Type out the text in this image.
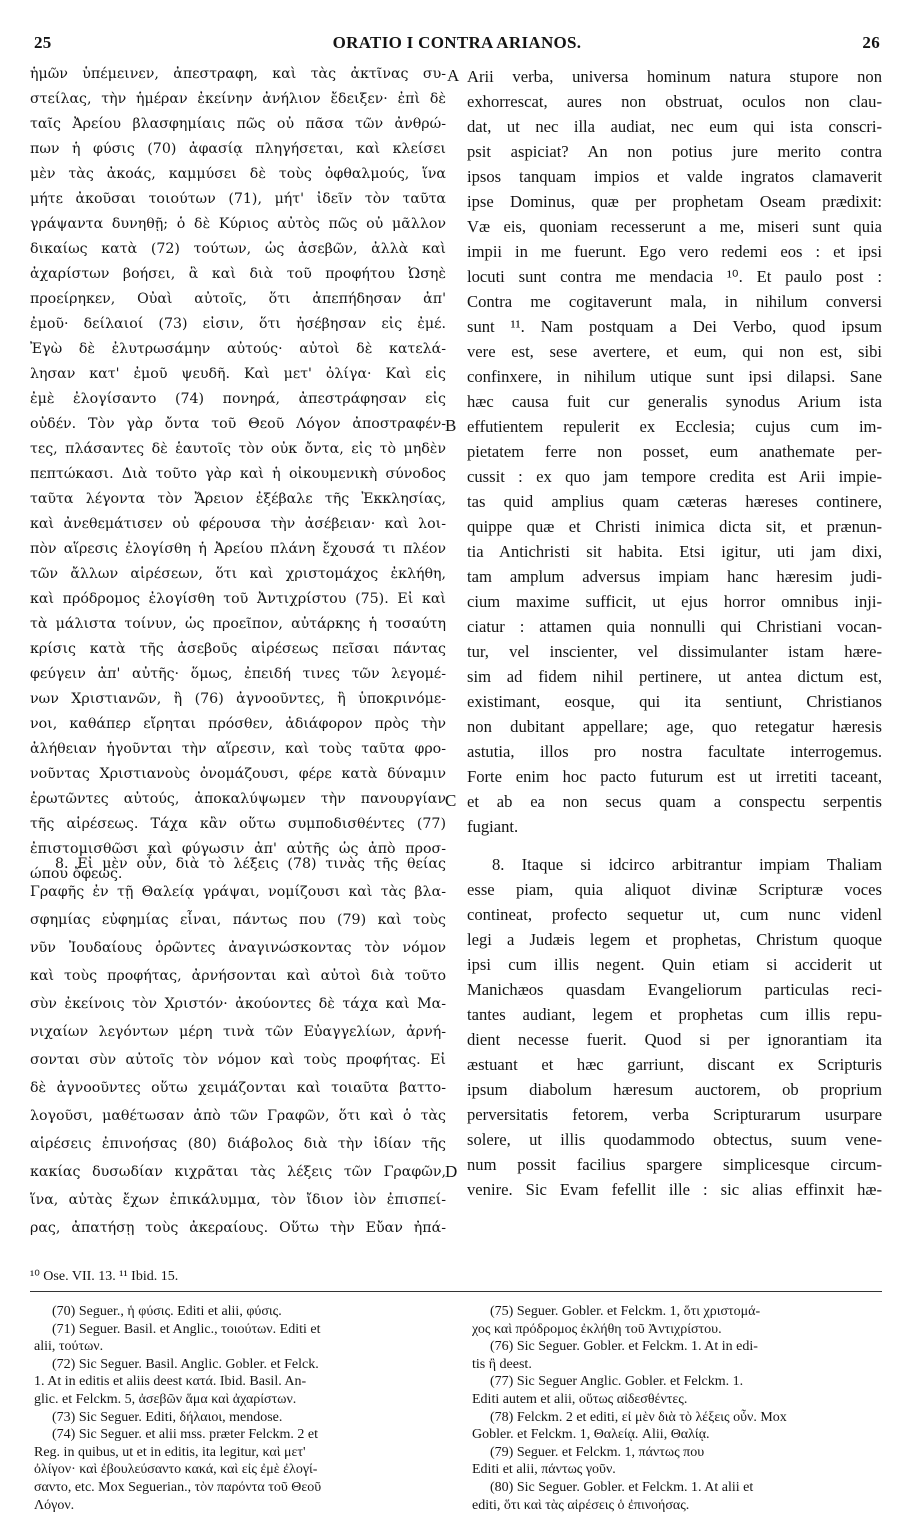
25	ORATIO I CONTRA ARIANOS.	26
ἡμῶν ὑπέμεινεν, ἀπεστραφη, καὶ τὰς ἀκτῖνας συ-
στείλας, τὴν ἡμέραν ἐκείνην ἀνήλιον ἔδειξεν· ἐπὶ δὲ
ταῖς Ἀρείου βλασφημίαις πῶς οὐ πᾶσα τῶν ἀνθρώ-
πων ἡ φύσις (70) ἀφασίᾳ πληγήσεται, καὶ κλείσει
μὲν τὰς ἀκοάς, καμμύσει δὲ τοὺς ὀφθαλμούς, ἵνα
μήτε ἀκοῦσαι τοιούτων (71), μήτ' ἰδεῖν τὸν ταῦτα
γράψαντα δυνηθῇ; ὁ δὲ Κύριος αὐτὸς πῶς οὐ μᾶλλον
δικαίως κατὰ (72) τούτων, ὡς ἀσεβῶν, ἀλλὰ καὶ
ἀχαρίστων βοήσει, ἃ καὶ διὰ τοῦ προφήτου Ὠσηὲ
προείρηκεν, Οὐαὶ αὐτοῖς, ὅτι ἀπεπήδησαν ἀπ'
ἐμοῦ· δείλαιοί (73) εἰσιν, ὅτι ἠσέβησαν εἰς ἐμέ.
Ἐγὼ δὲ ἐλυτρωσάμην αὐτούς· αὐτοὶ δὲ κατελά-
λησαν κατ' ἐμοῦ ψευδῆ. Καὶ μετ' ὀλίγα· Καὶ εἰς
ἐμὲ ἐλογίσαντο (74) πονηρά, ἀπεστράφησαν εἰς
οὐδέν. Τὸν γὰρ ὄντα τοῦ Θεοῦ Λόγον ἀποστραφέν-
τες, πλάσαντες δὲ ἑαυτοῖς τὸν οὐκ ὄντα, εἰς τὸ μηδὲν
πεπτώκασι. Διὰ τοῦτο γὰρ καὶ ἡ οἰκουμενικὴ σύνοδος
ταῦτα λέγοντα τὸν Ἄρειον ἐξέβαλε τῆς Ἐκκλησίας,
καὶ ἀνεθεμάτισεν οὐ φέρουσα τὴν ἀσέβειαν· καὶ λοι-
πὸν αἵρεσις ἐλογίσθη ἡ Ἀρείου πλάνη ἔχουσά τι πλέον
τῶν ἄλλων αἱρέσεων, ὅτι καὶ χριστομάχος ἐκλήθη,
καὶ πρόδρομος ἐλογίσθη τοῦ Ἀντιχρίστου (75). Εἰ καὶ
τὰ μάλιστα τοίνυν, ὡς προεῖπον, αὐτάρκης ἡ τοσαύτη
κρίσις κατὰ τῆς ἀσεβοῦς αἱρέσεως πεῖσαι πάντας
φεύγειν ἀπ' αὐτῆς· ὅμως, ἐπειδή τινες τῶν λεγομέ-
νων Χριστιανῶν, ἢ (76) ἀγνοοῦντες, ἢ ὑποκρινόμε-
νοι, καθάπερ εἴρηται πρόσθεν, ἀδιάφορον πρὸς τὴν
ἀλήθειαν ἡγοῦνται τὴν αἵρεσιν, καὶ τοὺς ταῦτα φρο-
νοῦντας Χριστιανοὺς ὀνομάζουσι, φέρε κατὰ δύναμιν
ἐρωτῶντες αὐτούς, ἀποκαλύψωμεν τὴν πανουργίαν
τῆς αἱρέσεως. Τάχα κἂν οὕτω συμποδισθέντες (77)
ἐπιστομισθῶσι καὶ φύγωσιν ἀπ' αὐτῆς ὡς ἀπὸ προσ-
ώπου ὄφεως.
Arii verba, universa hominum natura stupore non
exhorrescat, aures non obstruat, oculos non clau-
dat, ut nec illa audiat, nec eum qui ista conscri-
psit aspiciat? An non potius jure merito contra
ipsos tanquam impios et valde ingratos clamaverit
ipse Dominus, quæ per prophetam Oseam prædixit:
Væ eis, quoniam recesserunt a me, miseri sunt quia
impii in me fuerunt. Ego vero redemi eos : et ipsi
locuti sunt contra me mendacia ¹⁰. Et paulo post :
Contra me cogitaverunt mala, in nihilum conversi
sunt ¹¹. Nam postquam a Dei Verbo, quod ipsum
vere est, sese avertere, et eum, qui non est, sibi
confinxere, in nihilum utique sunt ipsi dilapsi. Sane
hæc causa fuit cur generalis synodus Arium ista
effutientem repulerit ex Ecclesia; cujus cum im-
pietatem ferre non posset, eum anathemate per-
cussit : ex quo jam tempore credita est Arii impie-
tas quid amplius quam cæteras hæreses continere,
quippe quæ et Christi inimica dicta sit, et prænun-
tia Antichristi sit habita. Etsi igitur, uti jam dixi,
tam amplum adversus impiam hanc hæresim judi-
cium maxime sufficit, ut ejus horror omnibus inji-
ciatur : attamen quia nonnulli qui Christiani vocan-
tur, vel inscienter, vel dissimulanter istam hære-
sim ad fidem nihil pertinere, ut antea dictum est,
existimant, eosque, qui ita sentiunt, Christianos
non dubitant appellare; age, quo retegatur hæresis
astutia, illos pro nostra facultate interrogemus.
Forte enim hoc pacto futurum est ut irretiti taceant,
et ab ea non secus quam a conspectu serpentis
fugiant.
A
B
C
D
8. Εἰ μὲν οὖν, διὰ τὸ λέξεις (78) τινὰς τῆς θείας
Γραφῆς ἐν τῇ Θαλείᾳ γράψαι, νομίζουσι καὶ τὰς βλα-
σφημίας εὐφημίας εἶναι, πάντως που (79) καὶ τοὺς
νῦν Ἰουδαίους ὁρῶντες ἀναγινώσκοντας τὸν νόμον
καὶ τοὺς προφήτας, ἀρνήσονται καὶ αὐτοὶ διὰ τοῦτο
σὺν ἐκείνοις τὸν Χριστόν· ἀκούοντες δὲ τάχα καὶ Μα-
νιχαίων λεγόντων μέρη τινὰ τῶν Εὐαγγελίων, ἀρνή-
σονται σὺν αὐτοῖς τὸν νόμον καὶ τοὺς προφήτας. Εἰ
δὲ ἀγνοοῦντες οὕτω χειμάζονται καὶ τοιαῦτα βαττο-
λογοῦσι, μαθέτωσαν ἀπὸ τῶν Γραφῶν, ὅτι καὶ ὁ τὰς
αἱρέσεις ἐπινοήσας (80) διάβολος διὰ τὴν ἰδίαν τῆς
κακίας δυσωδίαν κιχρᾶται τὰς λέξεις τῶν Γραφῶν,
ἵνα, αὐτὰς ἔχων ἐπικάλυμμα, τὸν ἴδιον ἰὸν ἐπισπεί-
ρας, ἀπατήσῃ τοὺς ἀκεραίους. Οὕτω τὴν Εὔαν ἠπά-
8. Itaque si idcirco arbitrantur impiam Thaliam
esse piam, quia aliquot divinæ Scripturæ voces
contineat, profecto sequetur ut, cum nunc videnl
legi a Judæis legem et prophetas, Christum quoque
ipsi cum illis negent. Quin etiam si acciderit ut
Manichæos quasdam Evangeliorum particulas reci-
tantes audiant, legem et prophetas cum illis repu-
dient necesse fuerit. Quod si per ignorantiam ita
æstuant et hæc garriunt, discant ex Scripturis
ipsum diabolum hæresum auctorem, ob proprium
perversitatis fetorem, verba Scripturarum usurpare
solere, ut illis quodammodo obtectus, suum vene-
num possit facilius spargere simplicesque circum-
venire. Sic Evam fefellit ille : sic alias effinxit hæ-
¹⁰ Ose. VII. 13. ¹¹ Ibid. 15.
(70) Seguer., ἡ φύσις. Editi et alii, φύσις.
(71) Seguer. Basil. et Anglic., τοιούτων. Editi et
alii, τούτων.
(72) Sic Seguer. Basil. Anglic. Gobler. et Felck.
1. At in editis et aliis deest κατά. Ibid. Basil. An-
glic. et Felckm. 5, ἀσεβῶν ἅμα καὶ ἀχαρίστων.
(73) Sic Seguer. Editi, δήλαιοι, mendose.
(74) Sic Seguer. et alii mss. præter Felckm. 2 et
Reg. in quibus, ut et in editis, ita legitur, καὶ μετ'
ὀλίγον· καὶ ἐβουλεύσαντο κακά, καὶ εἰς ἐμὲ ἐλογί-
σαντο, etc. Mox Seguerian., τὸν παρόντα τοῦ Θεοῦ
Λόγον.
(75) Seguer. Gobler. et Felckm. 1, ὅτι χριστομά-
χος καὶ πρόδρομος ἐκλήθη τοῦ Ἀντιχρίστου.
(76) Sic Seguer. Gobler. et Felckm. 1. At in edi-
tis ἢ deest.
(77) Sic Seguer Anglic. Gobler. et Felckm. 1.
Editi autem et alii, οὕτως αἰδεσθέντες.
(78) Felckm. 2 et editi, εἰ μὲν διὰ τὸ λέξεις οὖν. Mox
Gobler. et Felckm. 1, Θαλείᾳ. Alii, Θαλίᾳ.
(79) Seguer. et Felckm. 1, πάντως που
Editi et alii, πάντως γοῦν.
(80) Sic Seguer. Gobler. et Felckm. 1. At alii et
editi, ὅτι καὶ τὰς αἱρέσεις ὁ ἐπινοήσας.
